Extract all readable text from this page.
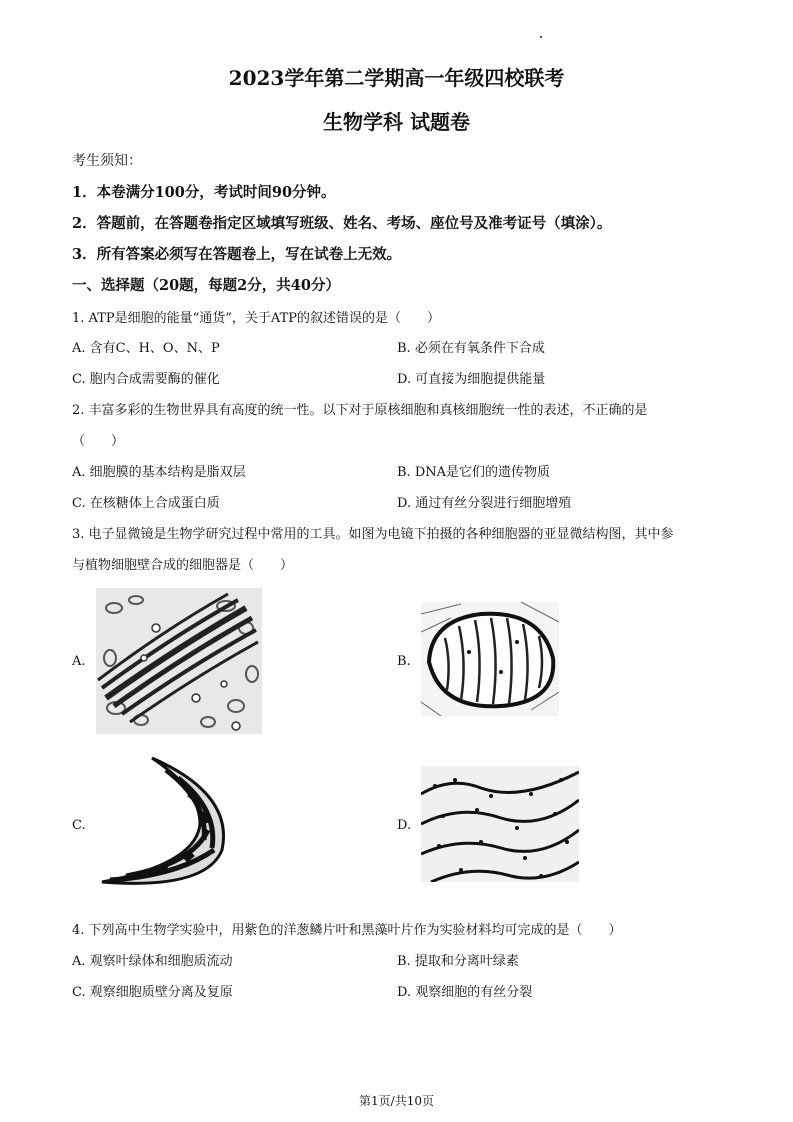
2023学年第二学期高一年级四校联考
生物学科 试题卷
考生须知：
1．本卷满分100分，考试时间90分钟。
2．答题前，在答题卷指定区域填写班级、姓名、考场、座位号及准考证号（填涂）。
3．所有答案必须写在答题卷上，写在试卷上无效。
一、选择题（20题，每题2分，共40分）
1. ATP是细胞的能量“通货”，关于ATP的叙述错误的是（　　）
A. 含有C、H、O、N、P	B. 必须在有氧条件下合成
C. 胞内合成需要酶的催化	D. 可直接为细胞提供能量
2. 丰富多彩的生物世界具有高度的统一性。以下对于原核细胞和真核细胞统一性的表述，不正确的是
（　　）
A. 细胞膜的基本结构是脂双层	B. DNA是它们的遗传物质
C. 在核糖体上合成蛋白质	D. 通过有丝分裂进行细胞增殖
3. 电子显微镜是生物学研究过程中常用的工具。如图为电镜下拍摄的各种细胞器的亚显微结构图，其中参
与植物细胞壁合成的细胞器是（　　）
A.	B.
C.	D.
4. 下列高中生物学实验中，用紫色的洋葱鳞片叶和黑藻叶片作为实验材料均可完成的是（　　）
A. 观察叶绿体和细胞质流动	B. 提取和分离叶绿素
C. 观察细胞质壁分离及复原	D. 观察细胞的有丝分裂
第1页/共10页
